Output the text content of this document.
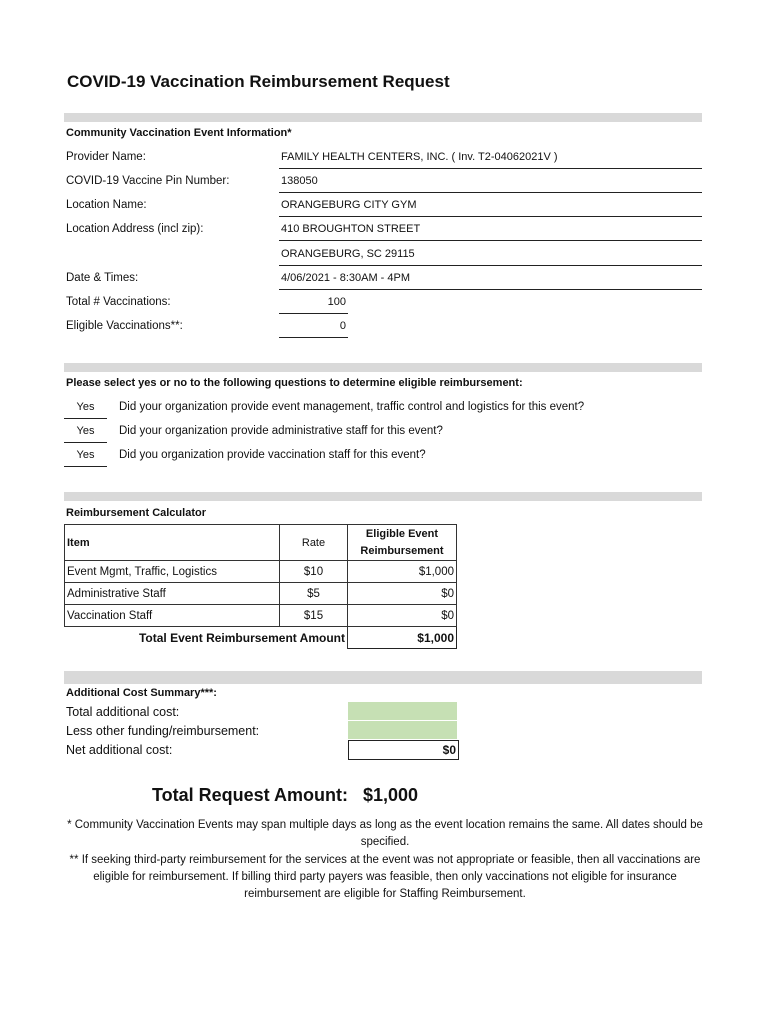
COVID-19 Vaccination Reimbursement Request
Community Vaccination Event Information*
Provider Name:	FAMILY HEALTH CENTERS, INC. ( Inv. T2-04062021V )
COVID-19 Vaccine Pin Number:	138050
Location Name:	ORANGEBURG CITY GYM
Location Address (incl zip):	410 BROUGHTON STREET
ORANGEBURG, SC 29115
Date & Times:	4/06/2021 - 8:30AM - 4PM
Total # Vaccinations:	100
Eligible Vaccinations**:	0
Please select yes or no to the following questions to determine eligible reimbursement:
Yes	Did your organization provide event management, traffic control and logistics for this event?
Yes	Did your organization provide administrative staff for this event?
Yes	Did you organization provide vaccination staff for this event?
Reimbursement Calculator
Item	Rate	Eligible Event
Reimbursement

Event Mgmt, Traffic, Logistics	$10	$1,000
Administrative Staff	$5	$0
Vaccination Staff	$15	$0
Total Event Reimbursement Amount		$1,000
Additional Cost Summary***:
Total additional cost:
Less other funding/reimbursement:
Net additional cost:	$0
Total Request Amount: $1,000
* Community Vaccination Events may span multiple days as long as the event location remains the same. All dates should be specified.
** If seeking third-party reimbursement for the services at the event was not appropriate or feasible, then all vaccinations are eligible for reimbursement. If billing third party payers was feasible, then only vaccinations not eligible for insurance reimbursement are eligible for Staffing Reimbursement.
